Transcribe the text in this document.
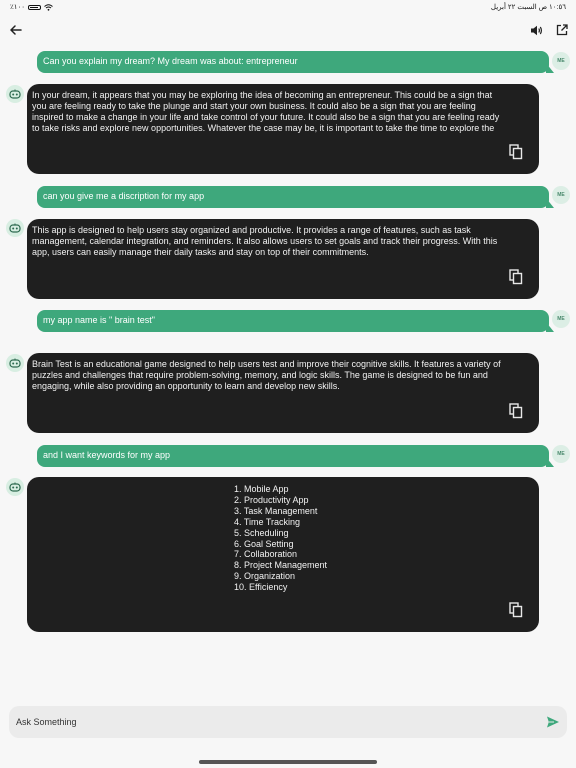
٪١٠٠	١٠:٥٦ ص السبت ٢٢ أبريل
Can you explain my dream? My dream was about: entrepreneur	ME
In your dream, it appears that you may be exploring the idea of becoming an entrepreneur. This could be a sign that
you are feeling ready to take the plunge and start your own business. It could also be a sign that you are feeling
inspired to make a change in your life and take control of your future. It could also be a sign that you are feeling ready
to take risks and explore new opportunities. Whatever the case may be, it is important to take the time to explore the
can you give me a discription for my app	ME
This app is designed to help users stay organized and productive. It provides a range of features, such as task
management, calendar integration, and reminders. It also allows users to set goals and track their progress. With this
app, users can easily manage their daily tasks and stay on top of their commitments.
my app name is " brain test"	ME
Brain Test is an educational game designed to help users test and improve their cognitive skills. It features a variety of
puzzles and challenges that require problem-solving, memory, and logic skills. The game is designed to be fun and
engaging, while also providing an opportunity to learn and develop new skills.
and I want keywords for my app	ME
1. Mobile App
2. Productivity App
3. Task Management
4. Time Tracking
5. Scheduling
6. Goal Setting
7. Collaboration
8. Project Management
9. Organization
10. Efficiency
Ask Something
